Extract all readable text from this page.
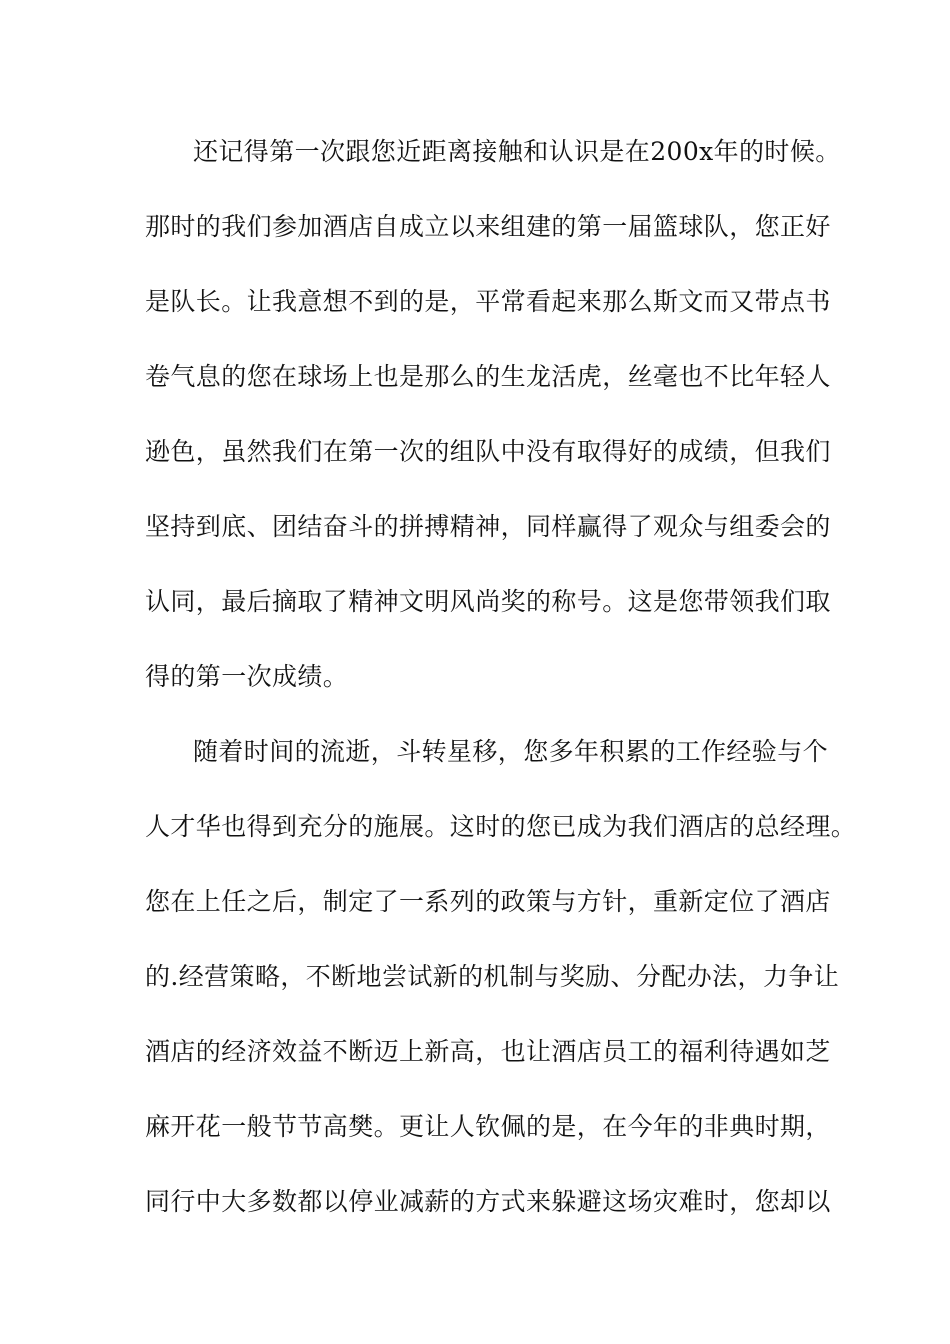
还记得第一次跟您近距离接触和认识是在200x年的时候。
那时的我们参加酒店自成立以来组建的第一届篮球队，您正好
是队长。让我意想不到的是，平常看起来那么斯文而又带点书
卷气息的您在球场上也是那么的生龙活虎，丝毫也不比年轻人
逊色，虽然我们在第一次的组队中没有取得好的成绩，但我们
坚持到底、团结奋斗的拼搏精神，同样赢得了观众与组委会的
认同，最后摘取了精神文明风尚奖的称号。这是您带领我们取
得的第一次成绩。
随着时间的流逝，斗转星移，您多年积累的工作经验与个
人才华也得到充分的施展。这时的您已成为我们酒店的总经理。
您在上任之后，制定了一系列的政策与方针，重新定位了酒店
的.经营策略，不断地尝试新的机制与奖励、分配办法，力争让
酒店的经济效益不断迈上新高，也让酒店员工的福利待遇如芝
麻开花一般节节高樊。更让人钦佩的是，在今年的非典时期，
同行中大多数都以停业减薪的方式来躲避这场灾难时，您却以
